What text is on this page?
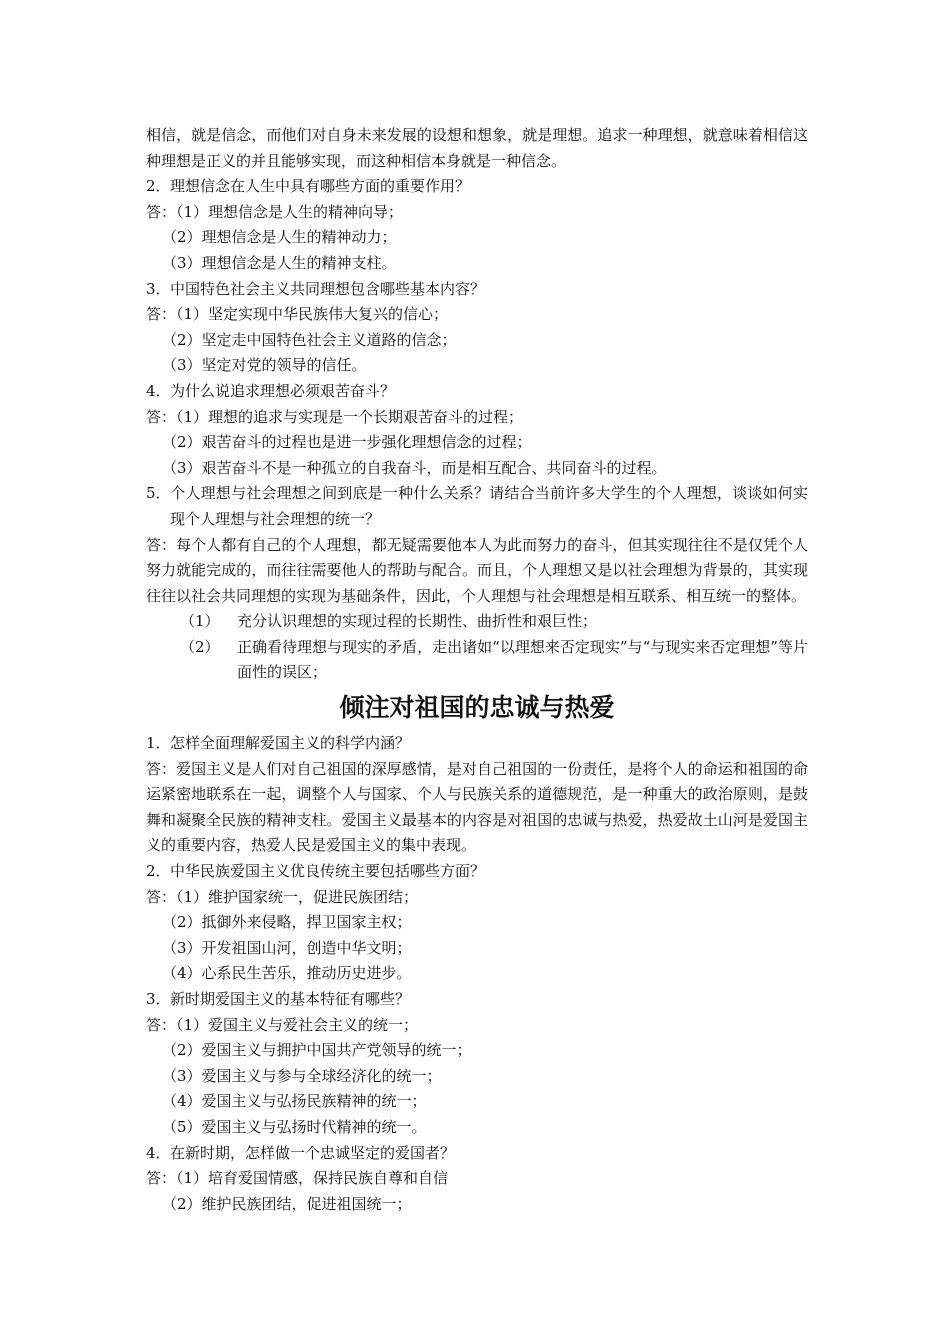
相信，就是信念，而他们对自身未来发展的设想和想象，就是理想。追求一种理想，就意味着相信这种理想是正义的并且能够实现，而这种相信本身就是一种信念。

2．理想信念在人生中具有哪些方面的重要作用？

答：（1）理想信念是人生的精神向导；

（2）理想信念是人生的精神动力；

（3）理想信念是人生的精神支柱。

3．中国特色社会主义共同理想包含哪些基本内容？

答：（1）坚定实现中华民族伟大复兴的信心；

（2）坚定走中国特色社会主义道路的信念；

（3）坚定对党的领导的信任。

4．为什么说追求理想必须艰苦奋斗？

答：（1）理想的追求与实现是一个长期艰苦奋斗的过程；

（2）艰苦奋斗的过程也是进一步强化理想信念的过程；

（3）艰苦奋斗不是一种孤立的自我奋斗，而是相互配合、共同奋斗的过程。

5．个人理想与社会理想之间到底是一种什么关系？请结合当前许多大学生的个人理想，谈谈如何实现个人理想与社会理想的统一？

答：每个人都有自己的个人理想，都无疑需要他本人为此而努力的奋斗，但其实现往往不是仅凭个人努力就能完成的，而往往需要他人的帮助与配合。而且，个人理想又是以社会理想为背景的，其实现往往以社会共同理想的实现为基础条件，因此，个人理想与社会理想是相互联系、相互统一的整体。

（1） 充分认识理想的实现过程的长期性、曲折性和艰巨性；

（2） 正确看待理想与现实的矛盾，走出诸如“以理想来否定现实”与“与现实来否定理想”等片面性的误区；

倾注对祖国的忠诚与热爱

1．怎样全面理解爱国主义的科学内涵？

答：爱国主义是人们对自己祖国的深厚感情，是对自己祖国的一份责任，是将个人的命运和祖国的命运紧密地联系在一起，调整个人与国家、个人与民族关系的道德规范，是一种重大的政治原则，是鼓舞和凝聚全民族的精神支柱。爱国主义最基本的内容是对祖国的忠诚与热爱，热爱故土山河是爱国主义的重要内容，热爱人民是爱国主义的集中表现。

2．中华民族爱国主义优良传统主要包括哪些方面？

答：（1）维护国家统一，促进民族团结；

（2）抵御外来侵略，捍卫国家主权；

（3）开发祖国山河，创造中华文明；

（4）心系民生苦乐，推动历史进步。

3．新时期爱国主义的基本特征有哪些？

答：（1）爱国主义与爱社会主义的统一；

（2）爱国主义与拥护中国共产党领导的统一；

（3）爱国主义与参与全球经济化的统一；

（4）爱国主义与弘扬民族精神的统一；

（5）爱国主义与弘扬时代精神的统一。

4．在新时期，怎样做一个忠诚坚定的爱国者？

答：（1）培育爱国情感，保持民族自尊和自信

（2）维护民族团结，促进祖国统一；
